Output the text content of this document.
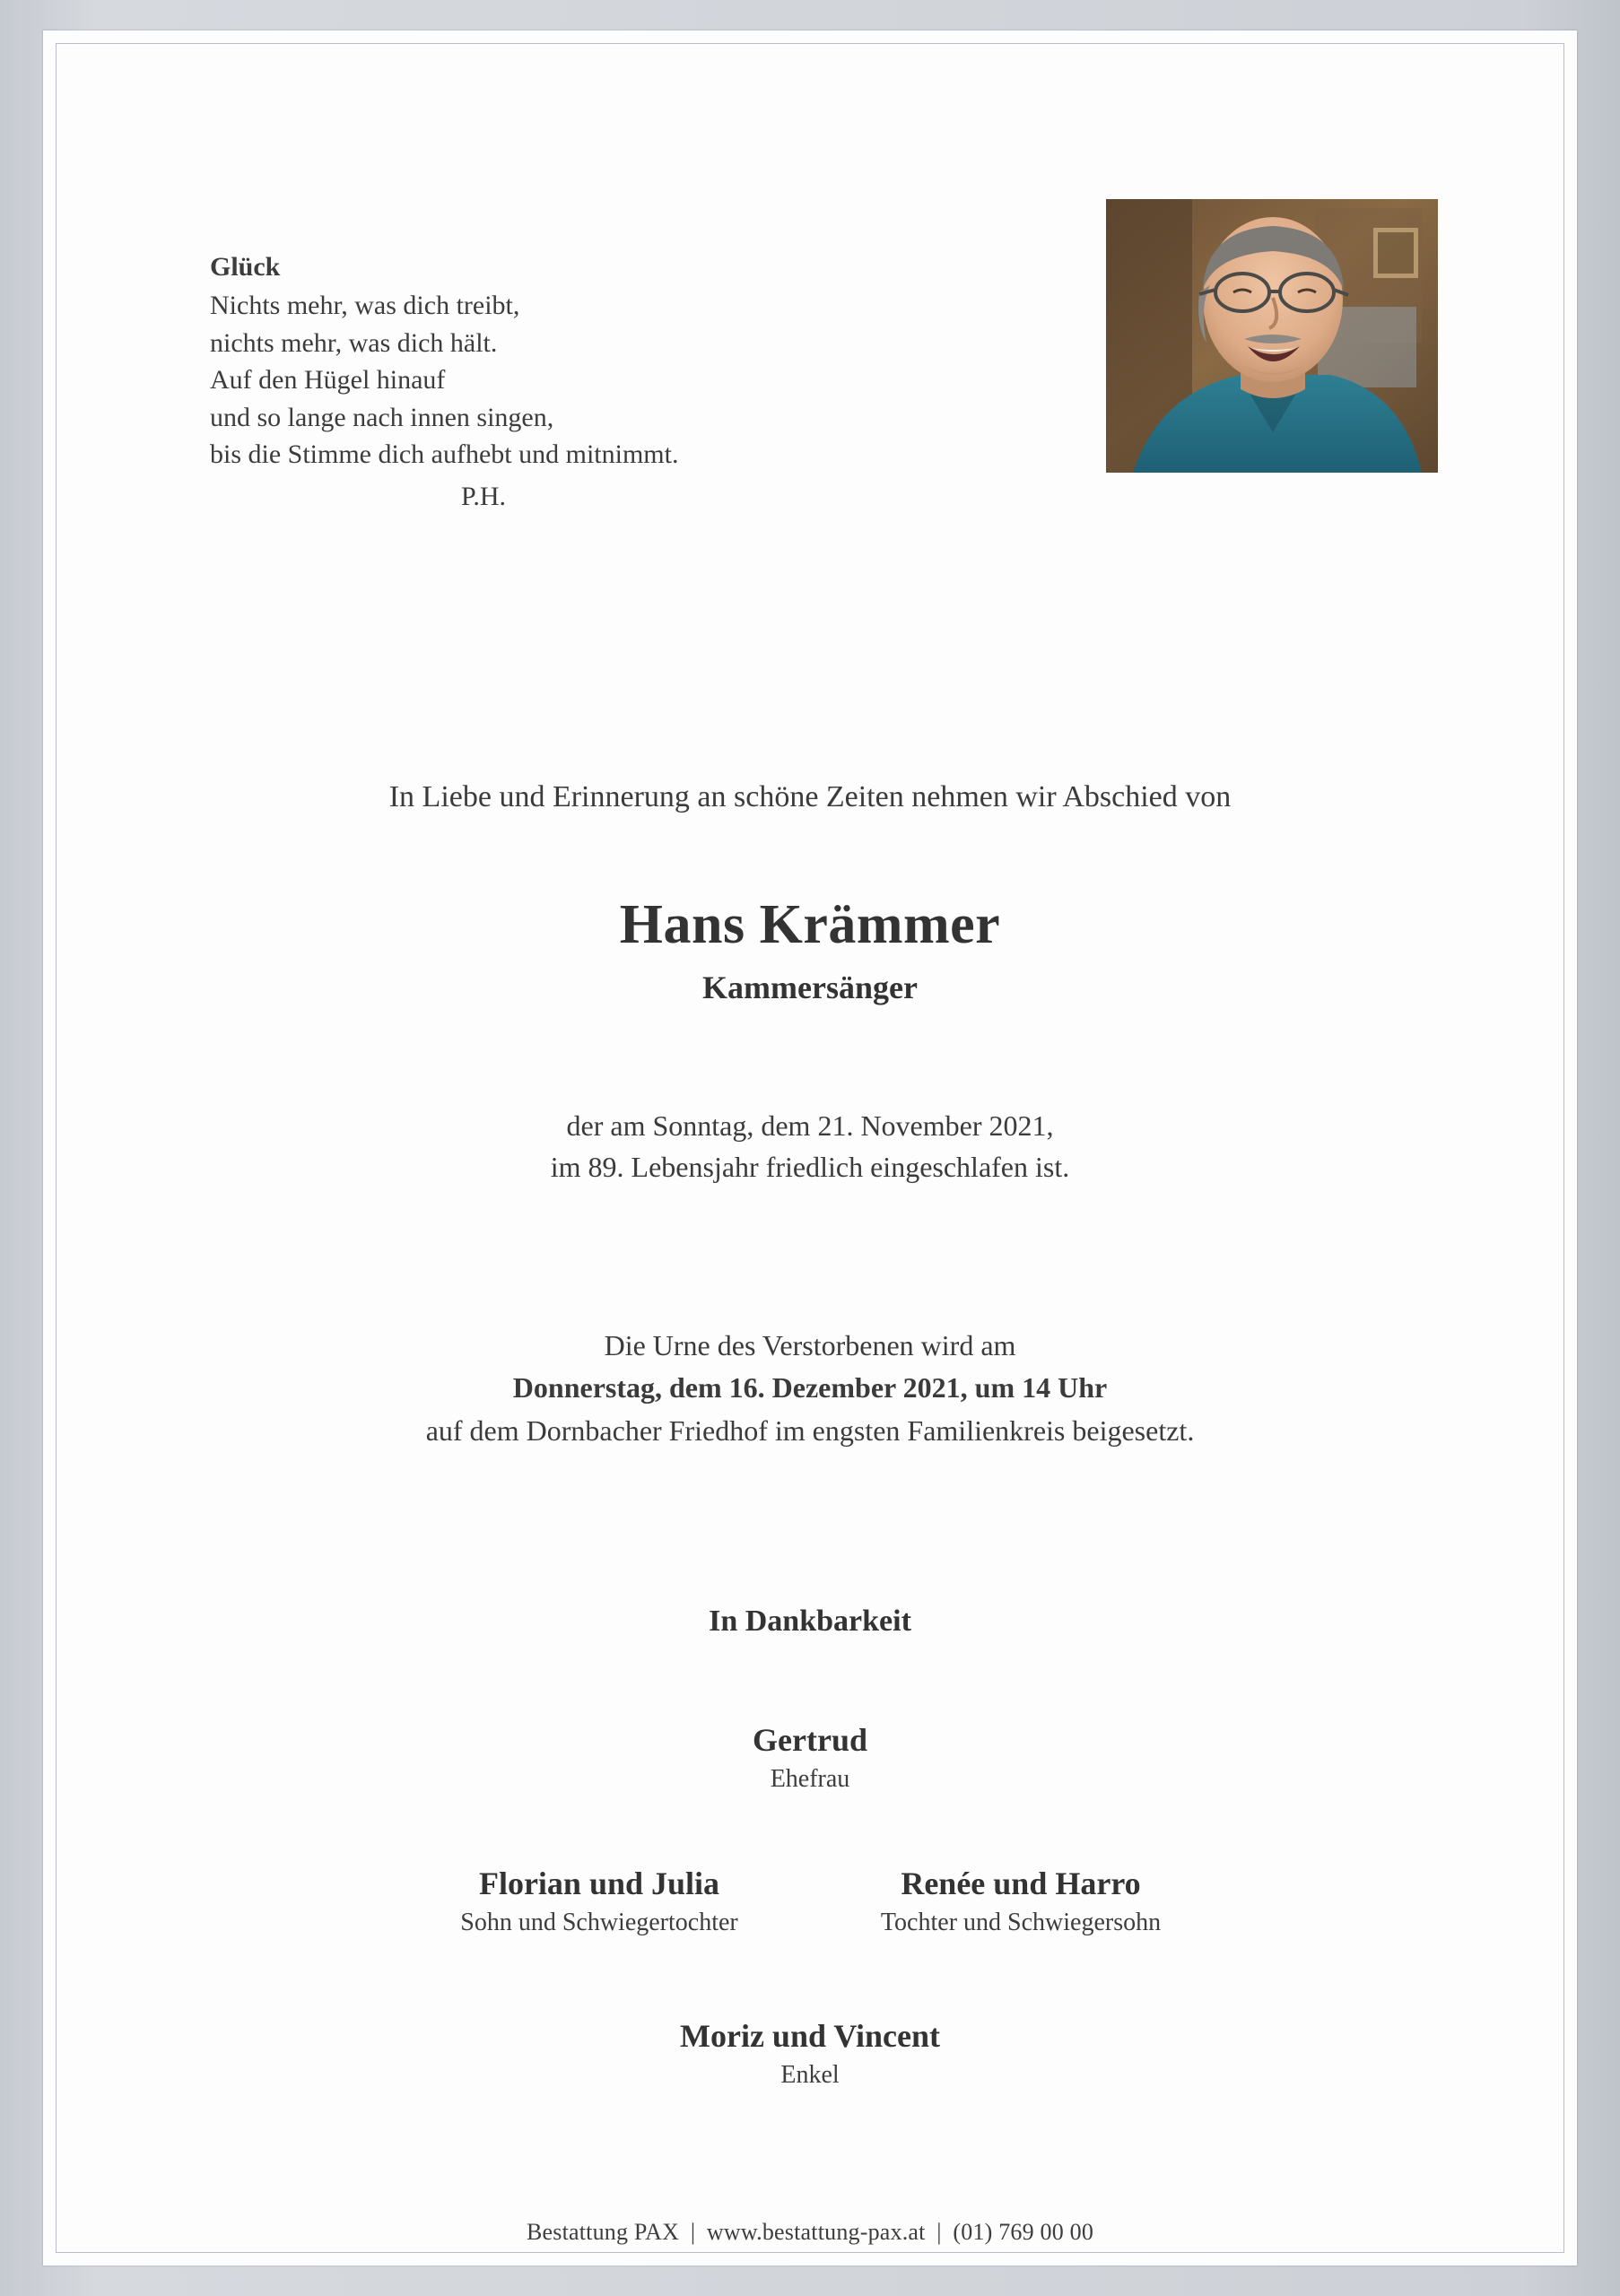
Glück
Nichts mehr, was dich treibt,
nichts mehr, was dich hält.
Auf den Hügel hinauf
und so lange nach innen singen,
bis die Stimme dich aufhebt und mitnimmt.
P.H.
In Liebe und Erinnerung an schöne Zeiten nehmen wir Abschied von
Hans Krämmer
Kammersänger
der am Sonntag, dem 21. November 2021,
im 89. Lebensjahr friedlich eingeschlafen ist.
Die Urne des Verstorbenen wird am
Donnerstag, dem 16. Dezember 2021, um 14 Uhr
auf dem Dornbacher Friedhof im engsten Familienkreis beigesetzt.
In Dankbarkeit
Gertrud
Ehefrau
Florian und Julia
Sohn und Schwiegertochter
Renée und Harro
Tochter und Schwiegersohn
Moriz und Vincent
Enkel
Bestattung PAX | www.bestattung-pax.at | (01) 769 00 00
